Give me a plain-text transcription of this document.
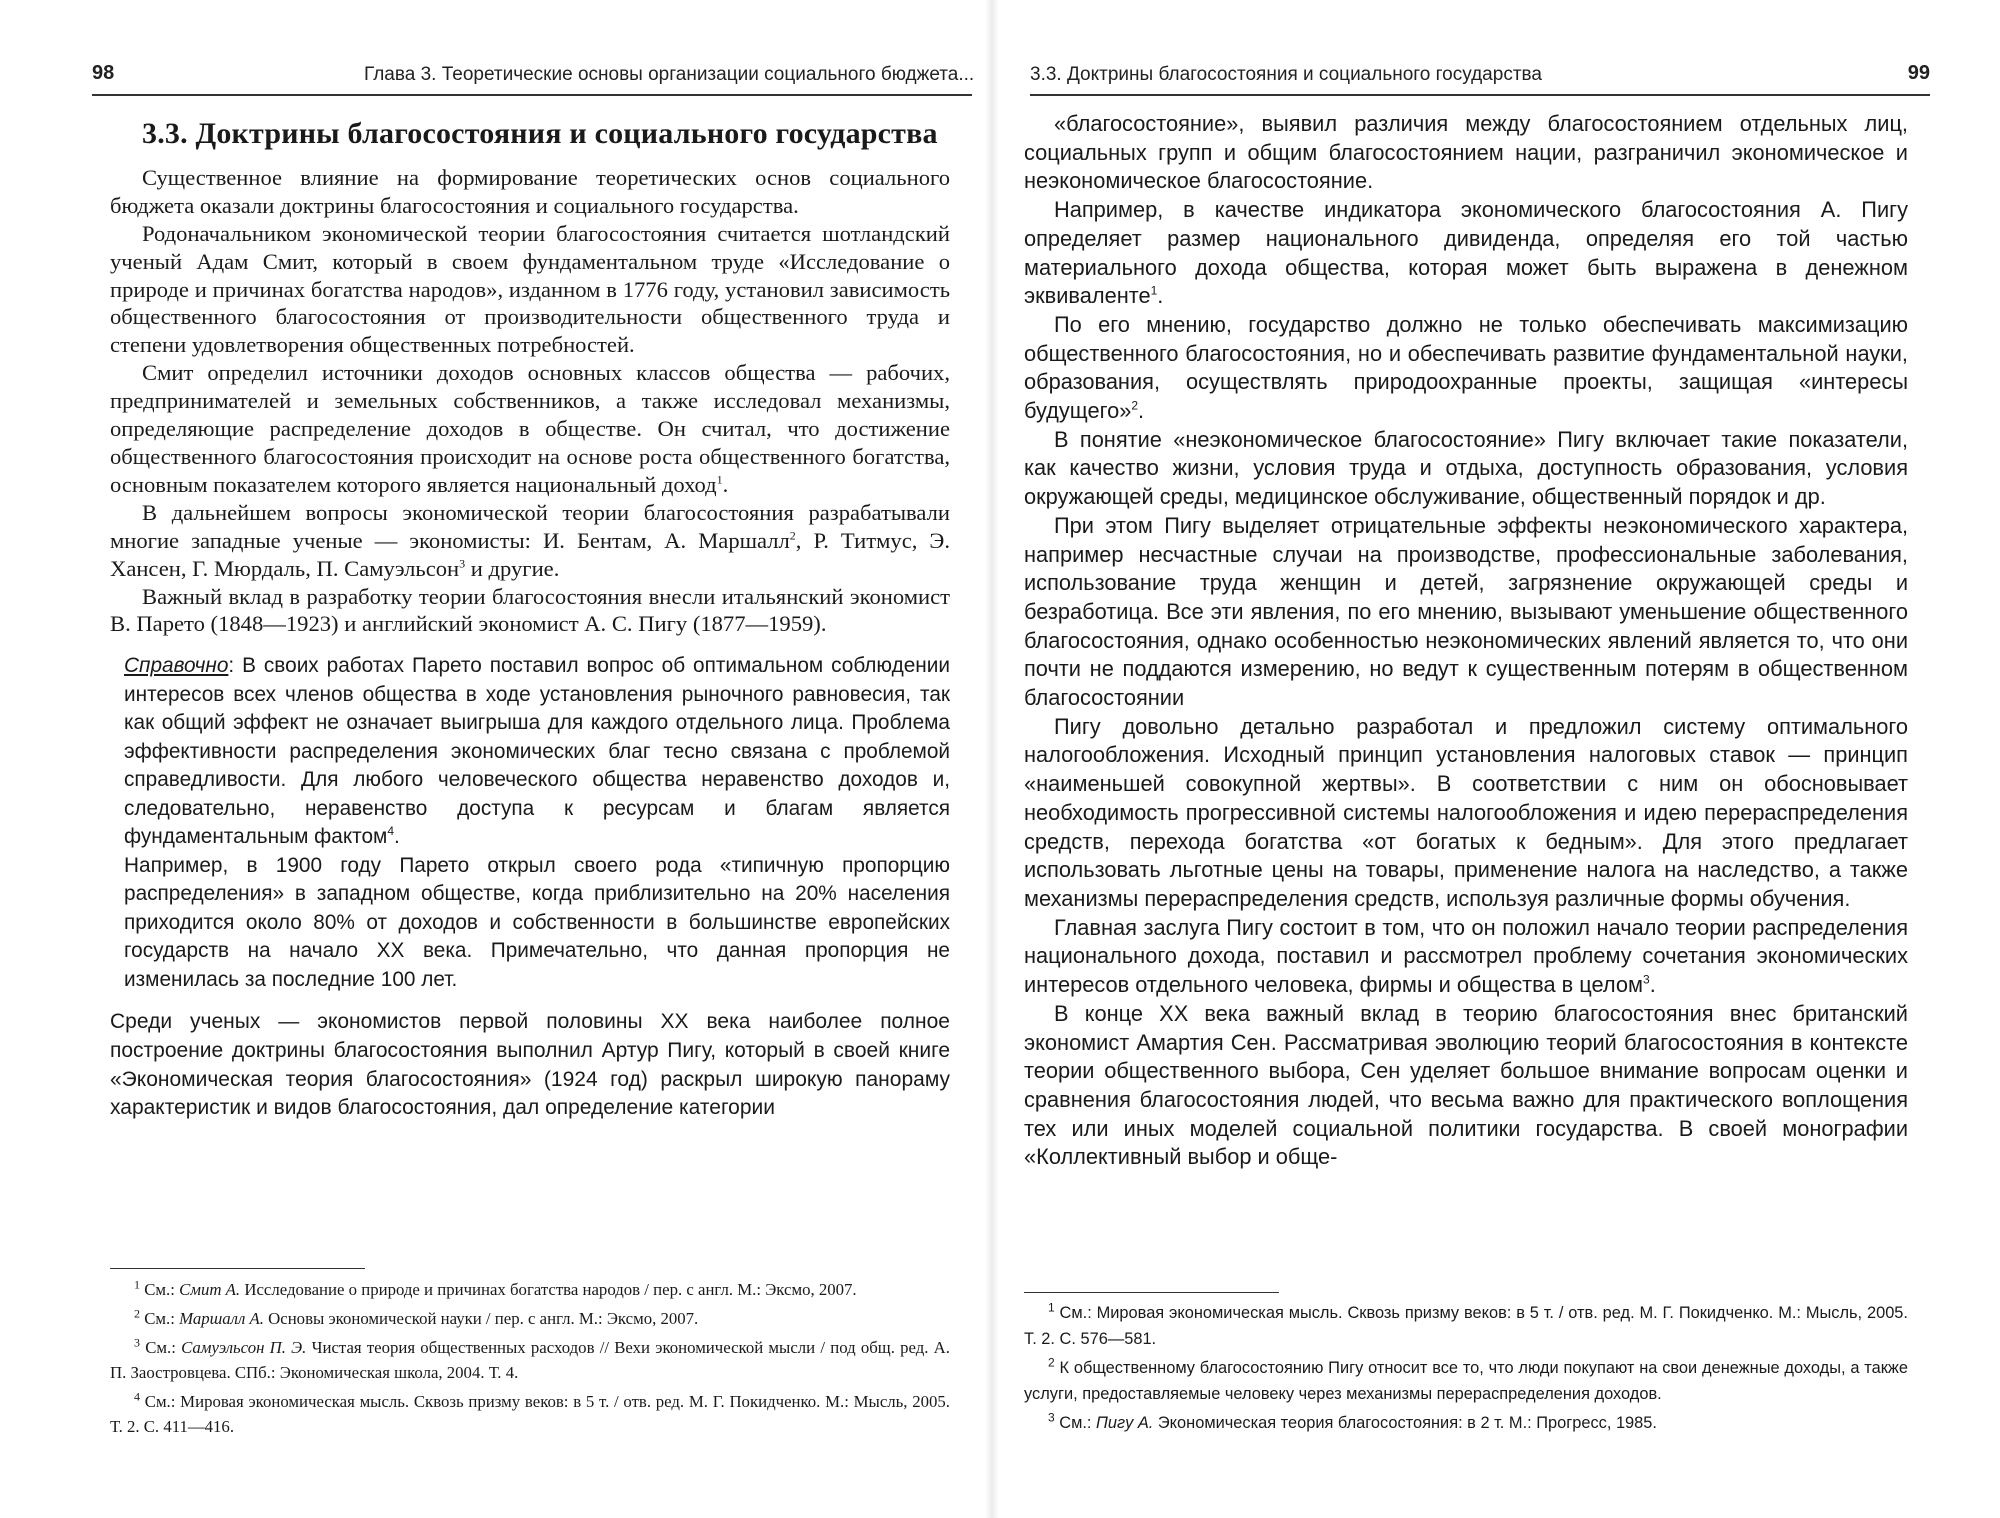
98	Глава 3. Теоретические основы организации социального бюджета...
3.3. Доктрины благосостояния и социального государства

Существенное влияние на формирование теоретических основ социального бюджета оказали доктрины благосостояния и социального государства.

Родоначальником экономической теории благосостояния считается шотландский ученый Адам Смит, который в своем фундаментальном труде «Исследование о природе и причинах богатства народов», изданном в 1776 году, установил зависимость общественного благосостояния от производительности общественного труда и степени удовлетворения общественных потребностей.

Смит определил источники доходов основных классов общества — рабочих, предпринимателей и земельных собственников, а также исследовал механизмы, определяющие распределение доходов в обществе. Он считал, что достижение общественного благосостояния происходит на основе роста общественного богатства, основным показателем которого является национальный доход$^1$.

В дальнейшем вопросы экономической теории благосостояния разрабатывали многие западные ученые — экономисты: И. Бентам, А. Маршалл$^2$, Р. Титмус, Э. Хансен, Г. Мюрдаль, П. Самуэльсон$^3$ и другие.

Важный вклад в разработку теории благосостояния внесли итальянский экономист В. Парето (1848—1923) и английский экономист А. С. Пигу (1877—1959).

Справочно: В своих работах Парето поставил вопрос об оптимальном соблюдении интересов всех членов общества в ходе установления рыночного равновесия, так как общий эффект не означает выигрыша для каждого отдельного лица. Проблема эффективности распределения экономических благ тесно связана с проблемой справедливости. Для любого человеческого общества неравенство доходов и, следовательно, неравенство доступа к ресурсам и благам является фундаментальным фактом$^4$.

Например, в 1900 году Парето открыл своего рода «типичную пропорцию распределения» в западном обществе, когда приблизительно на 20% населения приходится около 80% от доходов и собственности в большинстве европейских государств на начало XX века. Примечательно, что данная пропорция не изменилась за последние 100 лет.

Среди ученых — экономистов первой половины XX века наиболее полное построение доктрины благосостояния выполнил Артур Пигу, который в своей книге «Экономическая теория благосостояния» (1924 год) раскрыл широкую панораму характеристик и видов благосостояния, дал определение категории

$^1$ См.: Смит А. Исследование о природе и причинах богатства народов / пер. с англ. М.: Эксмо, 2007.

$^2$ См.: Маршалл А. Основы экономической науки / пер. с англ. М.: Эксмо, 2007.

$^3$ См.: Самуэльсон П. Э. Чистая теория общественных расходов // Вехи экономической мысли / под общ. ред. А. П. Заостровцева. СПб.: Экономическая школа, 2004. Т. 4.

$^4$ См.: Мировая экономическая мысль. Сквозь призму веков: в 5 т. / отв. ред. М. Г. Покидченко. М.: Мысль, 2005. Т. 2. С. 411—416.

3.3. Доктрины благосостояния и социального государства	99

«благосостояние», выявил различия между благосостоянием отдельных лиц, социальных групп и общим благосостоянием нации, разграничил экономическое и неэкономическое благосостояние.

Например, в качестве индикатора экономического благосостояния А. Пигу определяет размер национального дивиденда, определяя его той частью материального дохода общества, которая может быть выражена в денежном эквиваленте$^1$.

По его мнению, государство должно не только обеспечивать максимизацию общественного благосостояния, но и обеспечивать развитие фундаментальной науки, образования, осуществлять природоохранные проекты, защищая «интересы будущего»$^2$.

В понятие «неэкономическое благосостояние» Пигу включает такие показатели, как качество жизни, условия труда и отдыха, доступность образования, условия окружающей среды, медицинское обслуживание, общественный порядок и др.

При этом Пигу выделяет отрицательные эффекты неэкономического характера, например несчастные случаи на производстве, профессиональные заболевания, использование труда женщин и детей, загрязнение окружающей среды и безработица. Все эти явления, по его мнению, вызывают уменьшение общественного благосостояния, однако особенностью неэкономических явлений является то, что они почти не поддаются измерению, но ведут к существенным потерям в общественном благосостоянии

Пигу довольно детально разработал и предложил систему оптимального налогообложения. Исходный принцип установления налоговых ставок — принцип «наименьшей совокупной жертвы». В соответствии с ним он обосновывает необходимость прогрессивной системы налогообложения и идею перераспределения средств, перехода богатства «от богатых к бедным». Для этого предлагает использовать льготные цены на товары, применение налога на наследство, а также механизмы перераспределения средств, используя различные формы обучения.

Главная заслуга Пигу состоит в том, что он положил начало теории распределения национального дохода, поставил и рассмотрел проблему сочетания экономических интересов отдельного человека, фирмы и общества в целом$^3$.

В конце XX века важный вклад в теорию благосостояния внес британский экономист Амартия Сен. Рассматривая эволюцию теорий благосостояния в контексте теории общественного выбора, Сен уделяет большое внимание вопросам оценки и сравнения благосостояния людей, что весьма важно для практического воплощения тех или иных моделей социальной политики государства. В своей монографии «Коллективный выбор и обще-

$^1$ См.: Мировая экономическая мысль. Сквозь призму веков: в 5 т. / отв. ред. М. Г. Покидченко. М.: Мысль, 2005. Т. 2. С. 576—581.

$^2$ К общественному благосостоянию Пигу относит все то, что люди покупают на свои денежные доходы, а также услуги, предоставляемые человеку через механизмы перераспределения доходов.

$^3$ См.: Пигу А. Экономическая теория благосостояния: в 2 т. М.: Прогресс, 1985.
